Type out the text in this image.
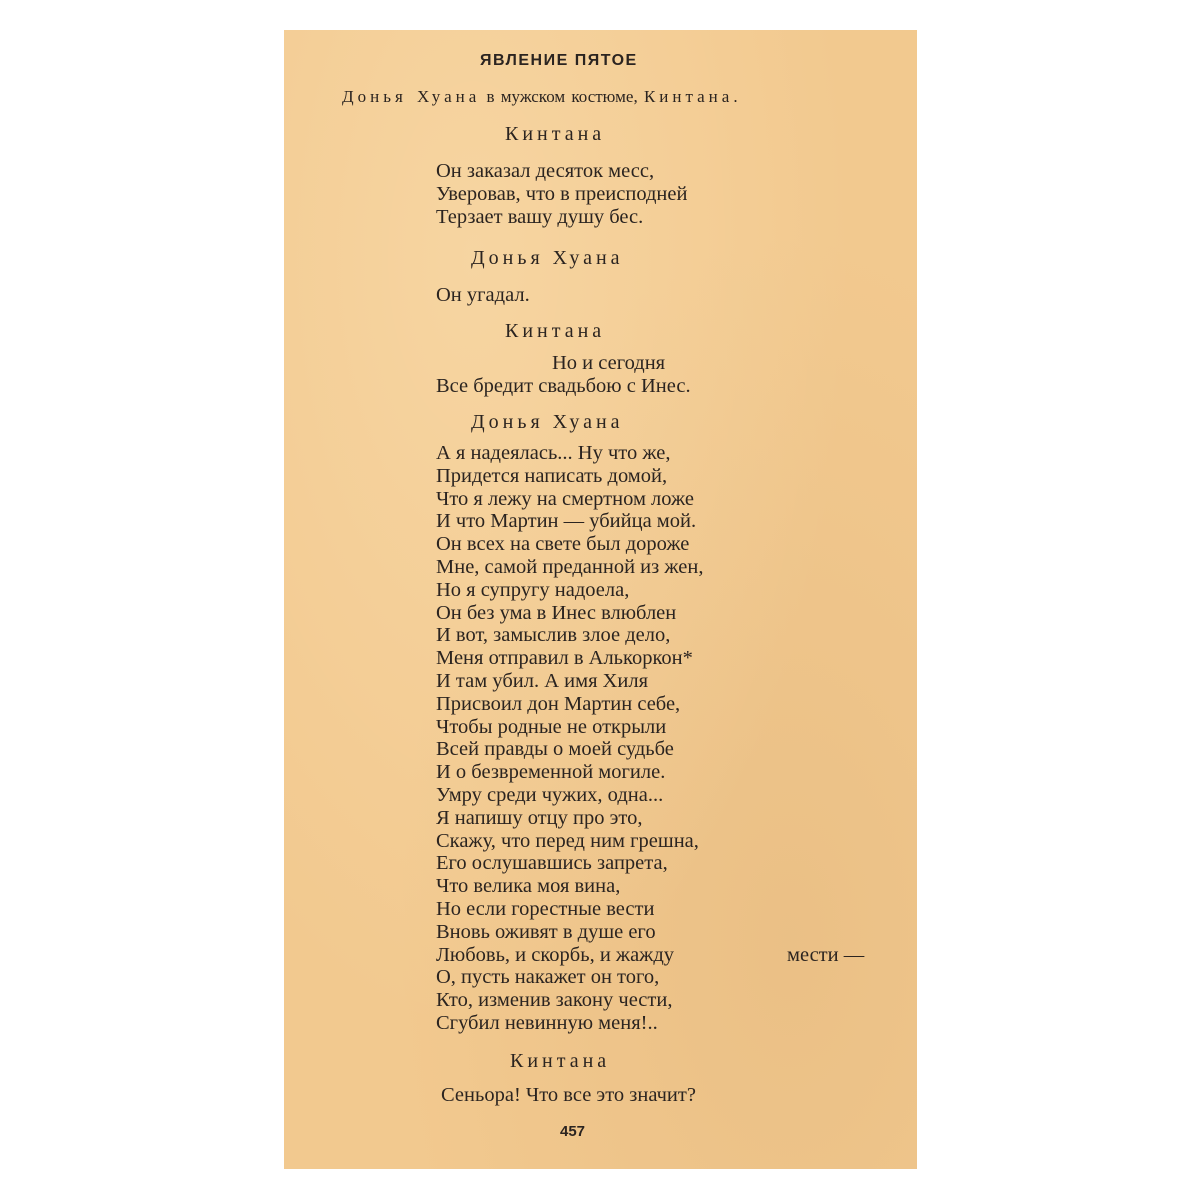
ЯВЛЕНИЕ ПЯТОЕ

Донья Хуана в мужском костюме, Кинтана.

Кинтана

Он заказал десяток месс,
Уверовав, что в преисподней
Терзает вашу душу бес.

Донья Хуана

Он угадал.

Кинтана

Но и сегодня
Все бредит свадьбою с Инес.

Донья Хуана

А я надеялась... Ну что же,
Придется написать домой,
Что я лежу на смертном ложе
И что Мартин — убийца мой.
Он всех на свете был дороже
Мне, самой преданной из жен,
Но я супругу надоела,
Он без ума в Инес влюблен
И вот, замыслив злое дело,
Меня отправил в Алькоркон*
И там убил. А имя Хиля
Присвоил дон Мартин себе,
Чтобы родные не открыли
Всей правды о моей судьбе
И о безвременной могиле.
Умру среди чужих, одна...
Я напишу отцу про это,
Скажу, что перед ним грешна,
Его ослушавшись запрета,
Что велика моя вина,
Но если горестные вести
Вновь оживят в душе его
Любовь, и скорбь, и жажду
О, пусть накажет он того,
Кто, изменив закону чести,
Сгубил невинную меня!..
мести —

Кинтана

Сеньора! Что все это значит?

457
